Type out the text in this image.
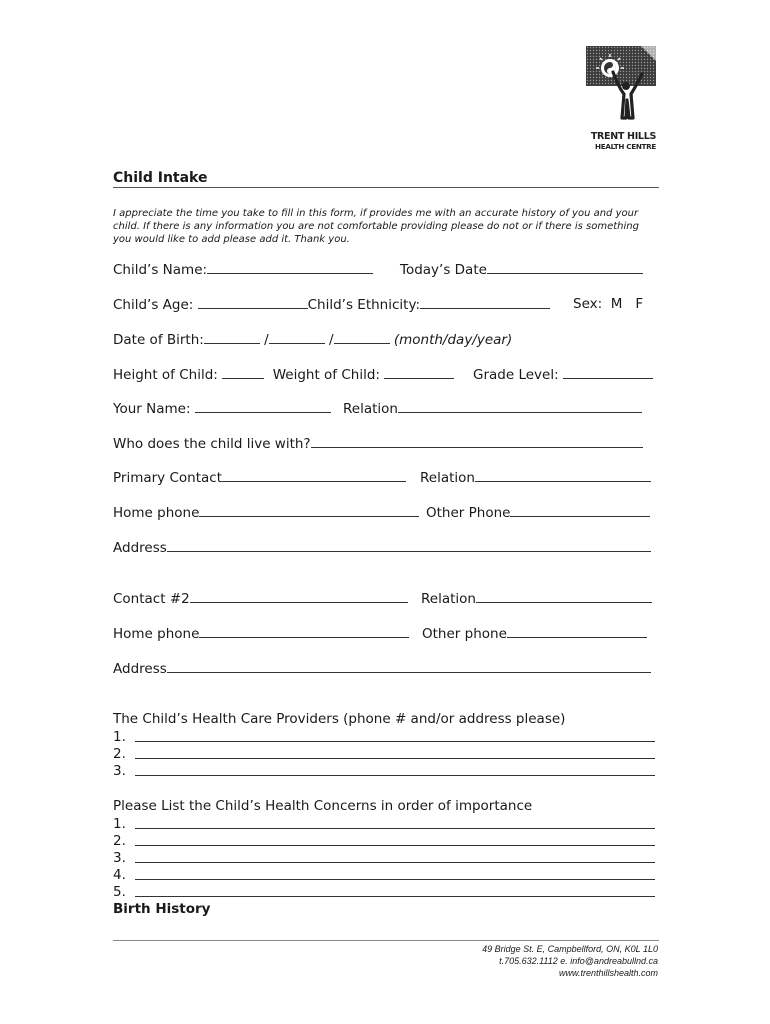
TRENT HILLS
HEALTH CENTRE
Child Intake
I appreciate the time you take to fill in this form, if provides me with an accurate history of you and your
child. If there is any information you are not comfortable providing please do not or if there is something
you would like to add please add it. Thank you.
Child’s Name:	Today’s Date
Child’s Age:	Child’s Ethnicity:	Sex: M F
Date of Birth:	/	/	(month/day/year)
Height of Child:	Weight of Child:	Grade Level:
Your Name:	Relation
Who does the child live with?
Primary Contact	Relation
Home phone	Other Phone
Address
Contact #2	Relation
Home phone	Other phone
Address
The Child’s Health Care Providers (phone # and/or address please)
1.
2.
3.
Please List the Child’s Health Concerns in order of importance
1.
2.
3.
4.
5.
Birth History
49 Bridge St. E, Campbellford, ON, K0L 1L0
t.705.632.1112 e. info@andreabullnd.ca
www.trenthillshealth.com
